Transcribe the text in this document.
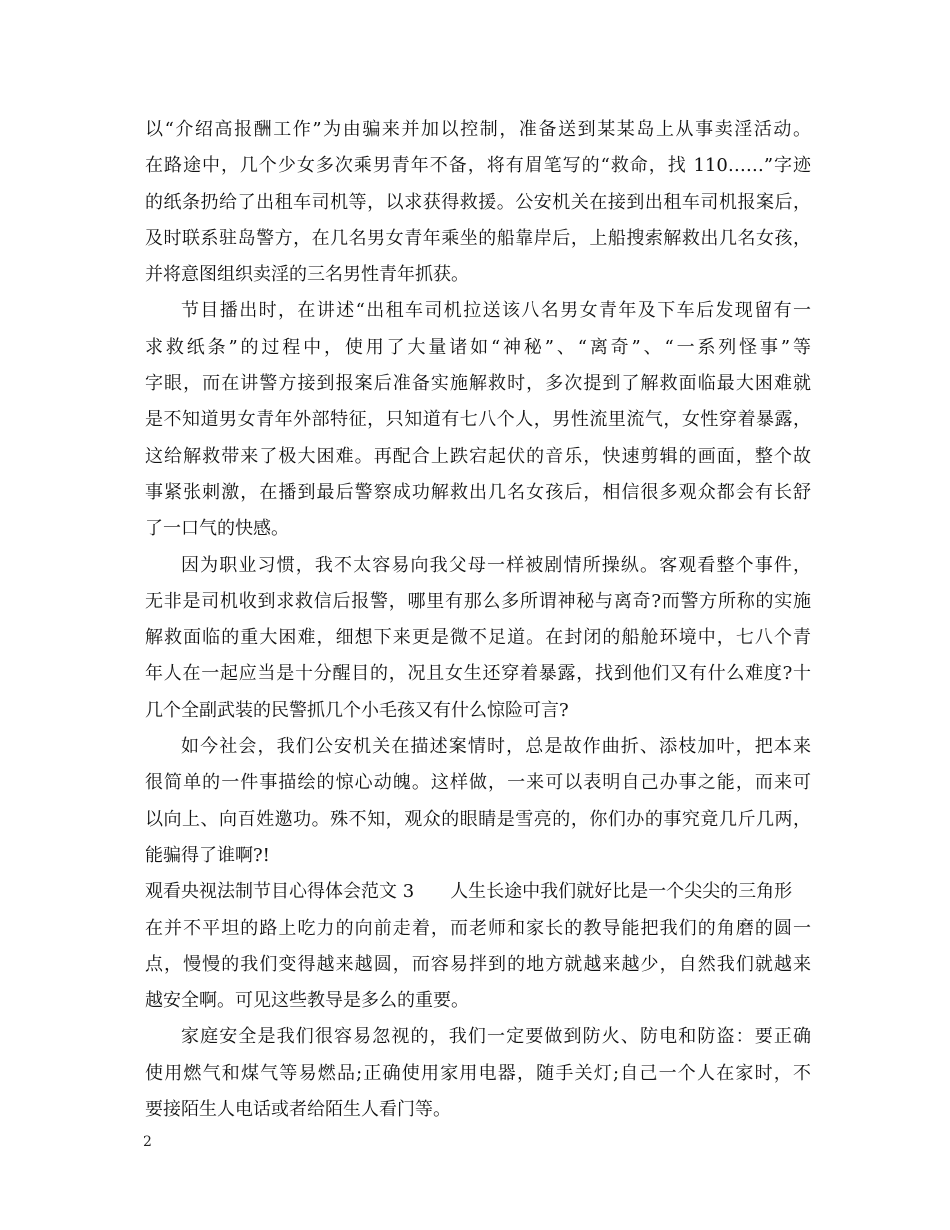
以“介绍高报酬工作”为由骗来并加以控制，准备送到某某岛上从事卖淫活动。
在路途中，几个少女多次乘男青年不备，将有眉笔写的“救命，找 110……”字迹
的纸条扔给了出租车司机等，以求获得救援。公安机关在接到出租车司机报案后，
及时联系驻岛警方，在几名男女青年乘坐的船靠岸后，上船搜索解救出几名女孩，
并将意图组织卖淫的三名男性青年抓获。
节目播出时，在讲述“出租车司机拉送该八名男女青年及下车后发现留有一
求救纸条”的过程中，使用了大量诸如“神秘”、“离奇”、“一系列怪事”等
字眼，而在讲警方接到报案后准备实施解救时，多次提到了解救面临最大困难就
是不知道男女青年外部特征，只知道有七八个人，男性流里流气，女性穿着暴露，
这给解救带来了极大困难。再配合上跌宕起伏的音乐，快速剪辑的画面，整个故
事紧张刺激，在播到最后警察成功解救出几名女孩后，相信很多观众都会有长舒
了一口气的快感。
因为职业习惯，我不太容易向我父母一样被剧情所操纵。客观看整个事件，
无非是司机收到求救信后报警，哪里有那么多所谓神秘与离奇?而警方所称的实施
解救面临的重大困难，细想下来更是微不足道。在封闭的船舱环境中，七八个青
年人在一起应当是十分醒目的，况且女生还穿着暴露，找到他们又有什么难度?十
几个全副武装的民警抓几个小毛孩又有什么惊险可言?
如今社会，我们公安机关在描述案情时，总是故作曲折、添枝加叶，把本来
很简单的一件事描绘的惊心动魄。这样做，一来可以表明自己办事之能，而来可
以向上、向百姓邀功。殊不知，观众的眼睛是雪亮的，你们办的事究竟几斤几两，
能骗得了谁啊?!
观看央视法制节目心得体会范文 3 人生长途中我们就好比是一个尖尖的三角形
在并不平坦的路上吃力的向前走着，而老师和家长的教导能把我们的角磨的圆一
点，慢慢的我们变得越来越圆，而容易拌到的地方就越来越少，自然我们就越来
越安全啊。可见这些教导是多么的重要。
家庭安全是我们很容易忽视的，我们一定要做到防火、防电和防盗：要正确
使用燃气和煤气等易燃品;正确使用家用电器，随手关灯;自己一个人在家时，不
要接陌生人电话或者给陌生人看门等。
2
